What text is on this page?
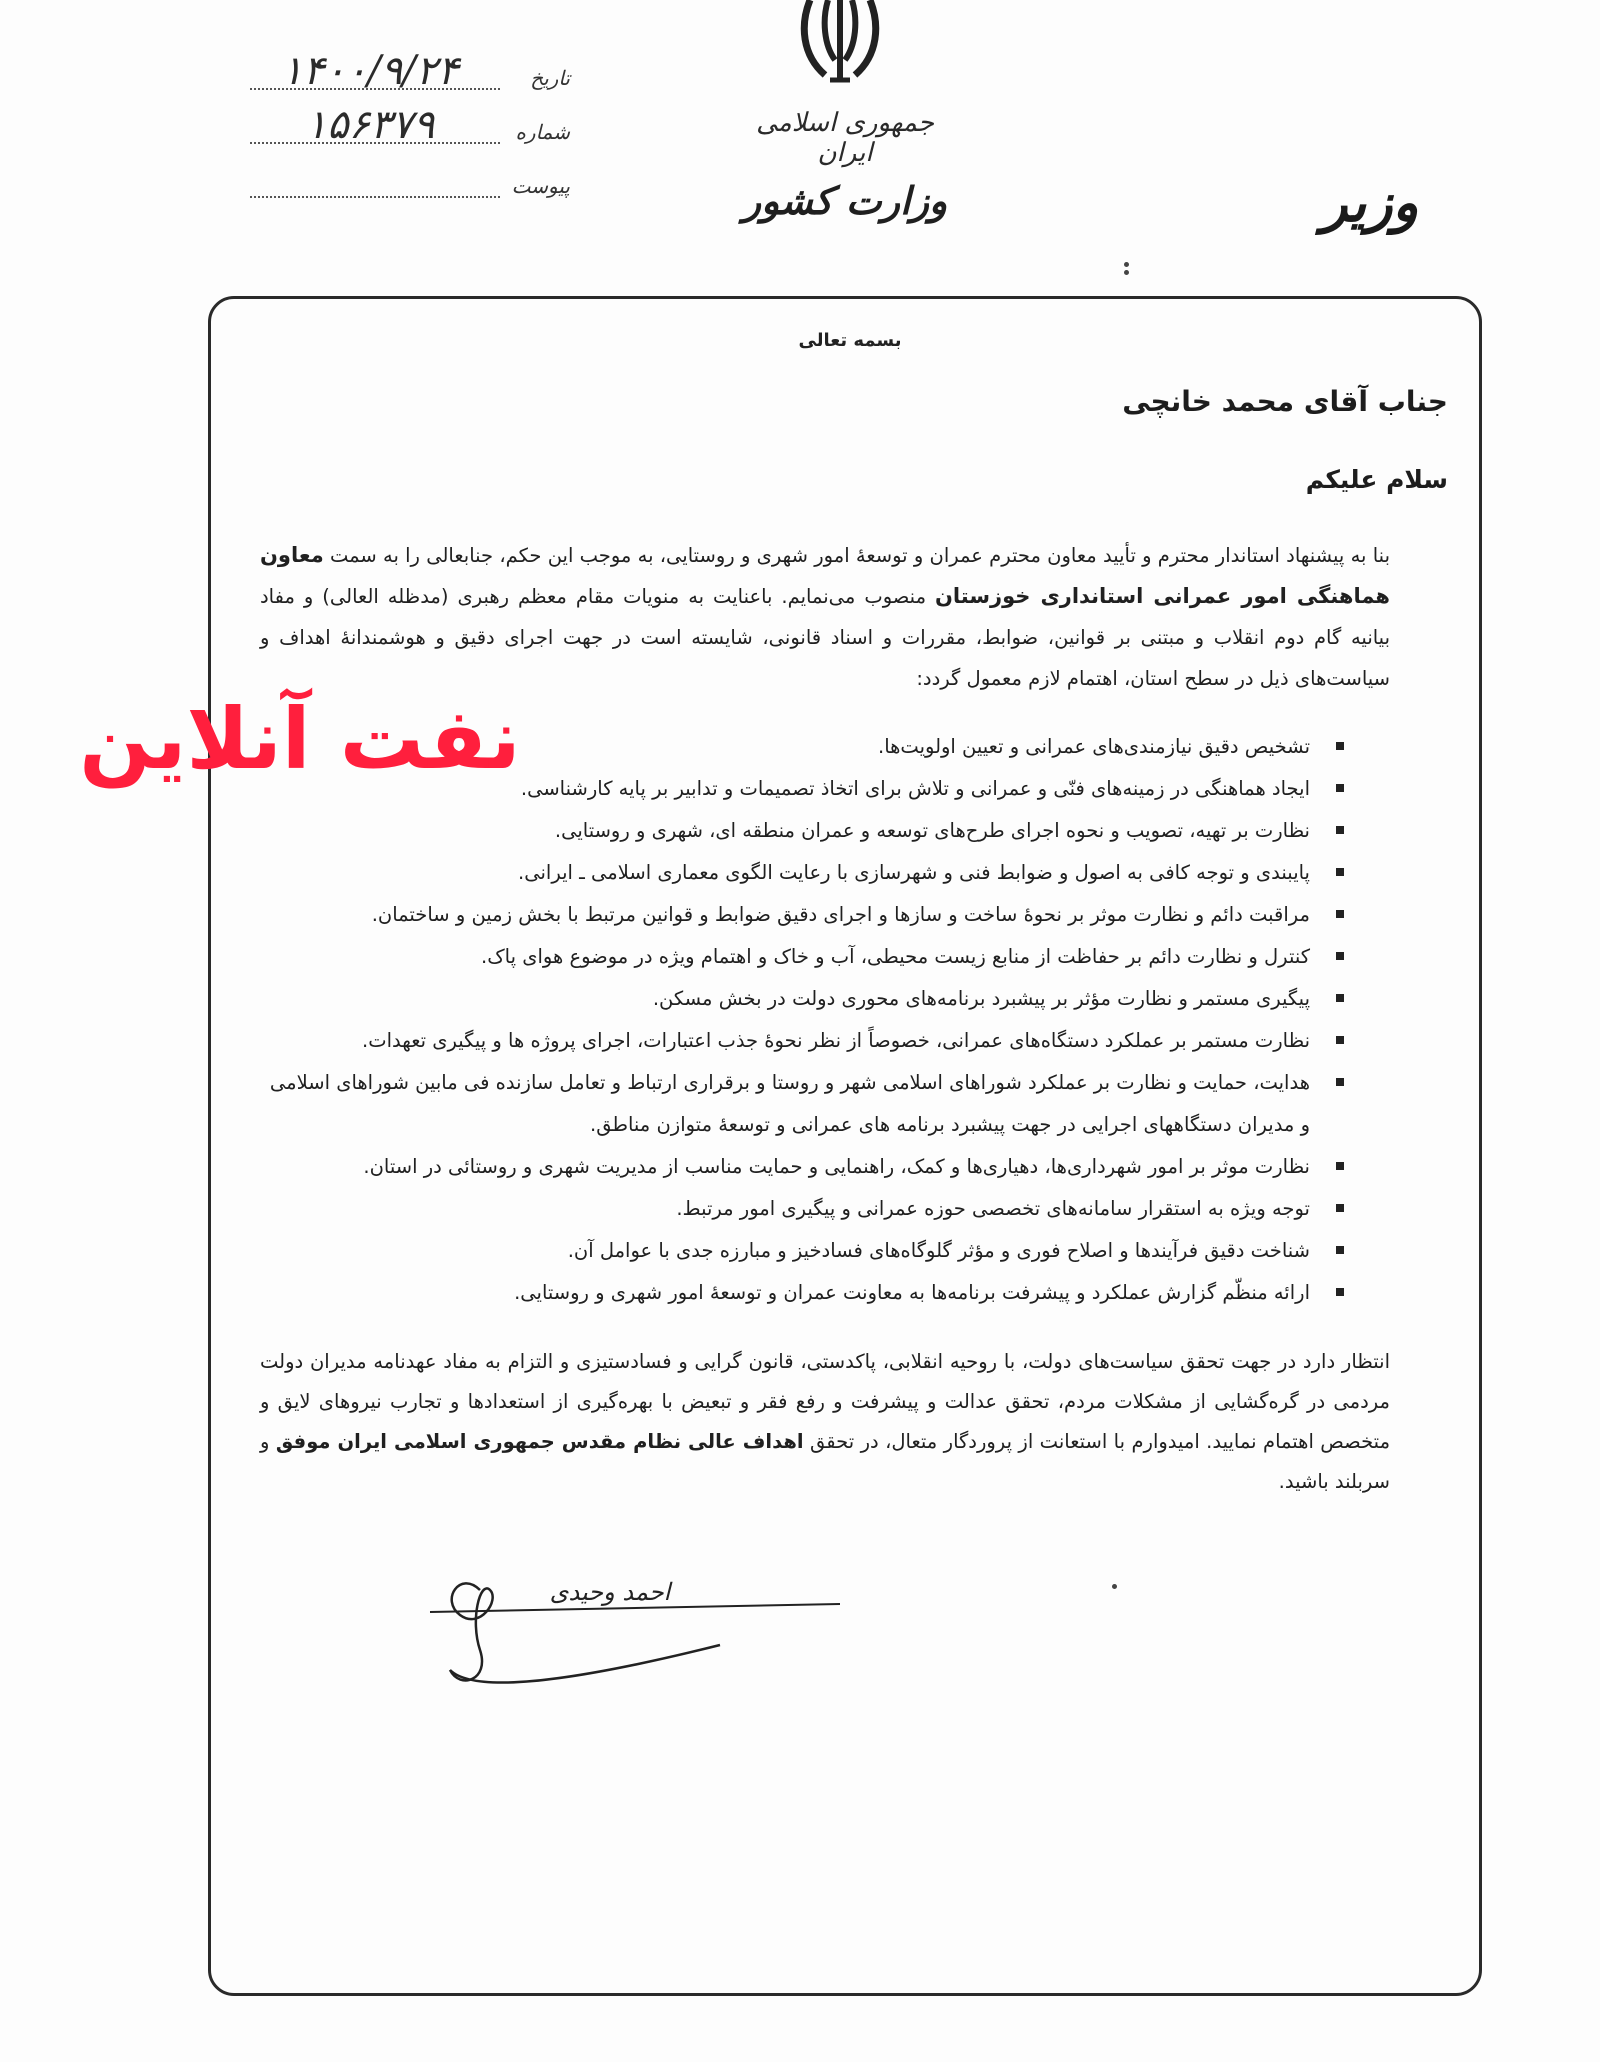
جمهوری اسلامی ایران
وزارت کشور	وزیر
۱۴۰۰/۹/۲۴	تاریخ
۱۵۶۳۷۹	شماره
پیوست
بسمه تعالی
جناب آقای محمد خانچی
سلام علیکم
بنا به پیشنهاد استاندار محترم و تأیید معاون محترم عمران و توسعهٔ امور شهری و روستایی، به موجب این حکم، جنابعالی را به سمت معاون هماهنگی امور عمرانی استانداری خوزستان منصوب می‌نمایم. باعنایت به منویات مقام معظم رهبری (مدظله العالی) و مفاد بیانیه گام دوم انقلاب و مبتنی بر قوانین، ضوابط، مقررات و اسناد قانونی، شایسته است در جهت اجرای دقیق و هوشمندانهٔ اهداف و سیاست‌های ذیل در سطح استان، اهتمام لازم معمول گردد:
تشخیص دقیق نیازمندی‌های عمرانی و تعیین اولویت‌ها.
ایجاد هماهنگی در زمینه‌های فنّی و عمرانی و تلاش برای اتخاذ تصمیمات و تدابیر بر پایه کارشناسی.
نظارت بر تهیه، تصویب و نحوه اجرای طرح‌های توسعه و عمران منطقه ای، شهری و روستایی.
پایبندی و توجه کافی به اصول و ضوابط فنی و شهرسازی با رعایت الگوی معماری اسلامی ـ ایرانی.
مراقبت دائم و نظارت موثر بر نحوهٔ ساخت و سازها و اجرای دقیق ضوابط و قوانین مرتبط با بخش زمین و ساختمان.
کنترل و نظارت دائم بر حفاظت از منابع زیست محیطی، آب و خاک و اهتمام ویژه در موضوع هوای پاک.
پیگیری مستمر و نظارت مؤثر بر پیشبرد برنامه‌های محوری دولت در بخش مسکن.
نظارت مستمر بر عملکرد دستگاه‌های عمرانی، خصوصاً از نظر نحوهٔ جذب اعتبارات، اجرای پروژه ها و پیگیری تعهدات.
هدایت، حمایت و نظارت بر عملکرد شوراهای اسلامی شهر و روستا و برقراری ارتباط و تعامل سازنده فی مابین شوراهای اسلامی و مدیران دستگاههای اجرایی در جهت پیشبرد برنامه های عمرانی و توسعهٔ متوازن مناطق.
نظارت موثر بر امور شهرداری‌ها، دهیاری‌ها و کمک، راهنمایی و حمایت مناسب از مدیریت شهری و روستائی در استان.
توجه ویژه به استقرار سامانه‌های تخصصی حوزه عمرانی و پیگیری امور مرتبط.
شناخت دقیق فرآیندها و اصلاح فوری و مؤثر گلوگاه‌های فسادخیز و مبارزه جدی با عوامل آن.
ارائه منظّم گزارش عملکرد و پیشرفت برنامه‌ها به معاونت عمران و توسعهٔ امور شهری و روستایی.
انتظار دارد در جهت تحقق سیاست‌های دولت، با روحیه انقلابی، پاکدستی، قانون گرایی و فسادستیزی و التزام به مفاد عهدنامه مدیران دولت مردمی در گره‌گشایی از مشکلات مردم، تحقق عدالت و پیشرفت و رفع فقر و تبعیض با بهره‌گیری از استعدادها و تجارب نیروهای لایق و متخصص اهتمام نمایید. امیدوارم با استعانت از پروردگار متعال، در تحقق اهداف عالی نظام مقدس جمهوری اسلامی ایران موفق و سربلند باشید.
احمد وحیدی
نفت آنلاین
